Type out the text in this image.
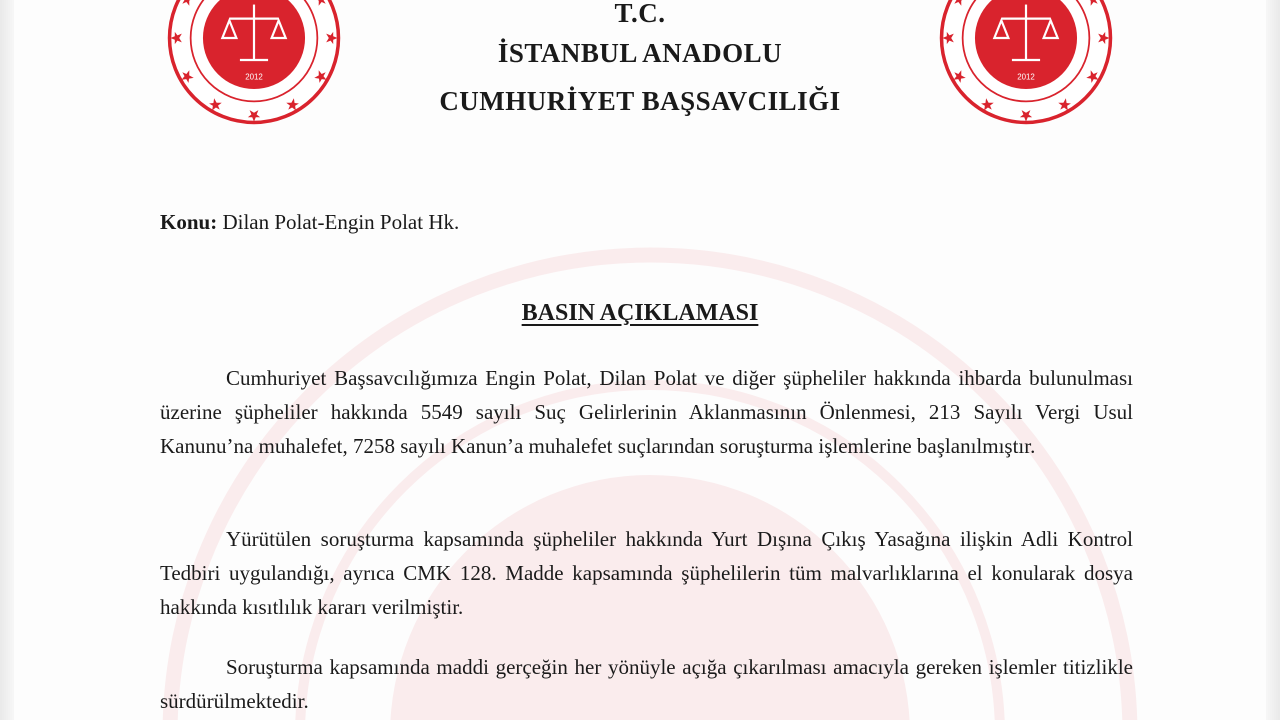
2012	2012

T.C.

İSTANBUL ANADOLU

CUMHURİYET BAŞSAVCILIĞI

Konu: Dilan Polat-Engin Polat Hk.

BASIN AÇIKLAMASI

Cumhuriyet Başsavcılığımıza Engin Polat, Dilan Polat ve diğer şüpheliler hakkında ihbarda bulunulması üzerine şüpheliler hakkında 5549 sayılı Suç Gelirlerinin Aklanmasının Önlenmesi, 213 Sayılı Vergi Usul Kanunu’na muhalefet, 7258 sayılı Kanun’a muhalefet suçlarından soruşturma işlemlerine başlanılmıştır.

Yürütülen soruşturma kapsamında şüpheliler hakkında Yurt Dışına Çıkış Yasağına ilişkin Adli Kontrol Tedbiri uygulandığı, ayrıca CMK 128. Madde kapsamında şüphelilerin tüm malvarlıklarına el konularak dosya hakkında kısıtlılık kararı verilmiştir.

Soruşturma kapsamında maddi gerçeğin her yönüyle açığa çıkarılması amacıyla gereken işlemler titizlikle sürdürülmektedir.
